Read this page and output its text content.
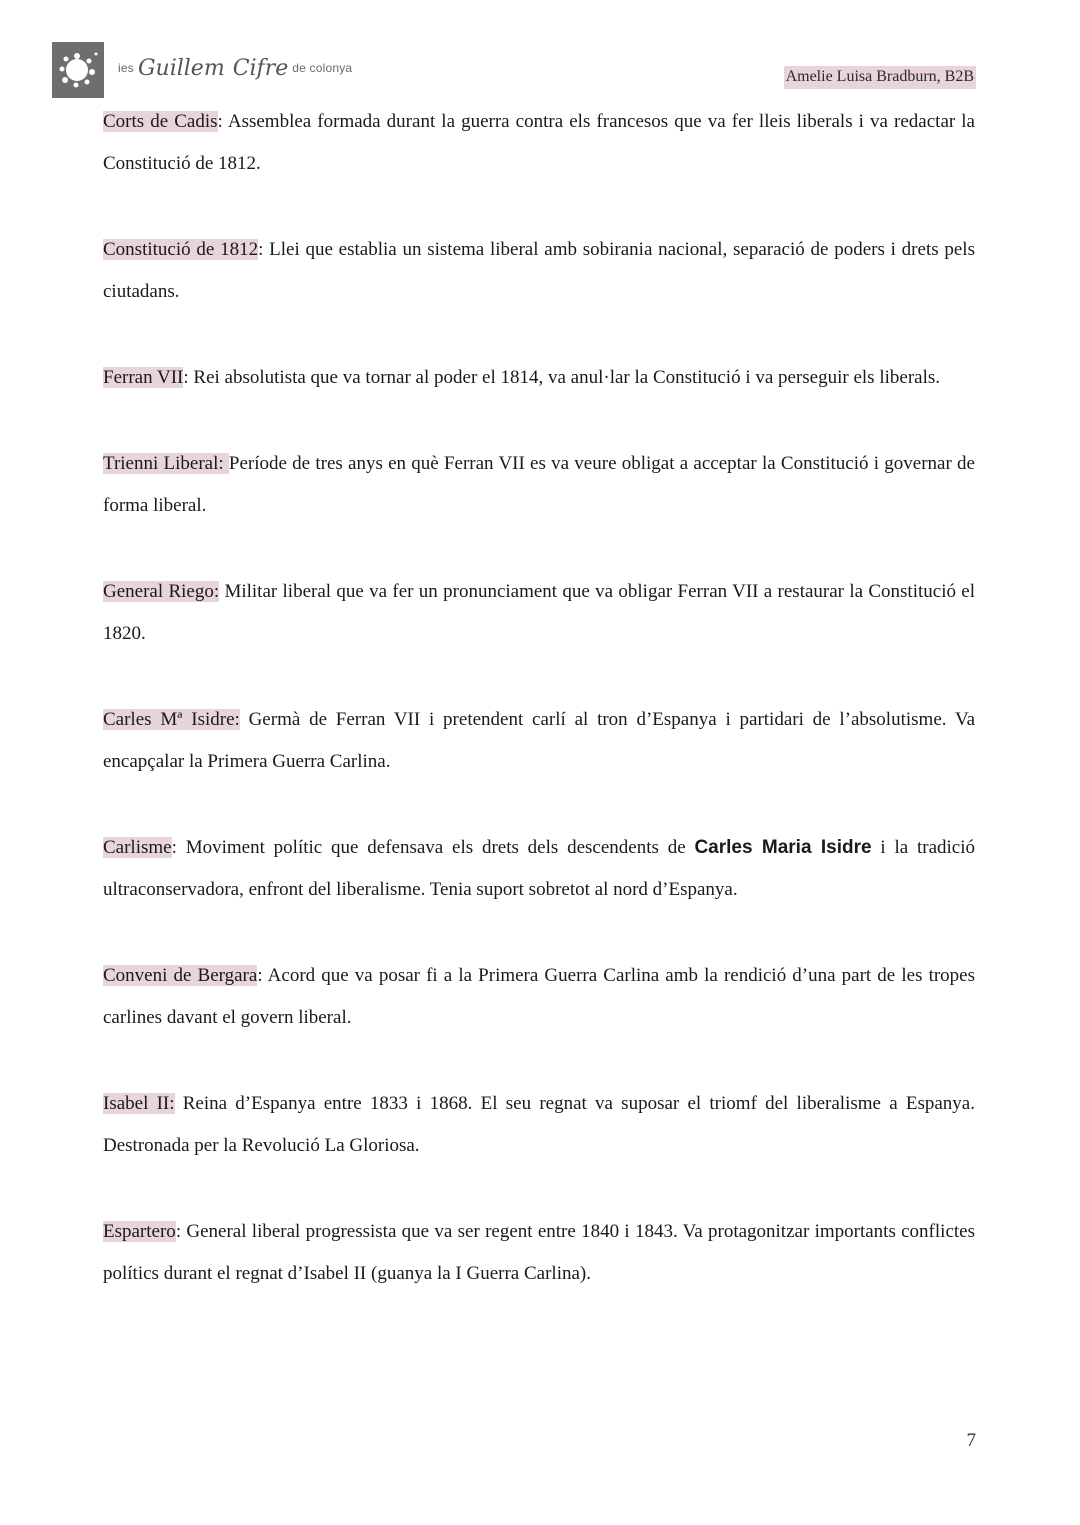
ies Guillem Cifre de colonya	Amelie Luisa Bradburn, B2B

Corts de Cadis: Assemblea formada durant la guerra contra els francesos que va fer lleis liberals i va redactar la Constitució de 1812.

Constitució de 1812: Llei que establia un sistema liberal amb sobirania nacional, separació de poders i drets pels ciutadans.

Ferran VII: Rei absolutista que va tornar al poder el 1814, va anul·lar la Constitució i va perseguir els liberals.

Trienni Liberal: Període de tres anys en què Ferran VII es va veure obligat a acceptar la Constitució i governar de forma liberal.

General Riego: Militar liberal que va fer un pronunciament que va obligar Ferran VII a restaurar la Constitució el 1820.

Carles Mª Isidre: Germà de Ferran VII i pretendent carlí al tron d’Espanya i partidari de l’absolutisme. Va encapçalar la Primera Guerra Carlina.

Carlisme: Moviment polític que defensava els drets dels descendents de Carles Maria Isidre i la tradició ultraconservadora, enfront del liberalisme. Tenia suport sobretot al nord d’Espanya.

Conveni de Bergara: Acord que va posar fi a la Primera Guerra Carlina amb la rendició d’una part de les tropes carlines davant el govern liberal.

Isabel II: Reina d’Espanya entre 1833 i 1868. El seu regnat va suposar el triomf del liberalisme a Espanya. Destronada per la Revolució La Gloriosa.

Espartero: General liberal progressista que va ser regent entre 1840 i 1843. Va protagonitzar importants conflictes polítics durant el regnat d’Isabel II (guanya la I Guerra Carlina).

7
